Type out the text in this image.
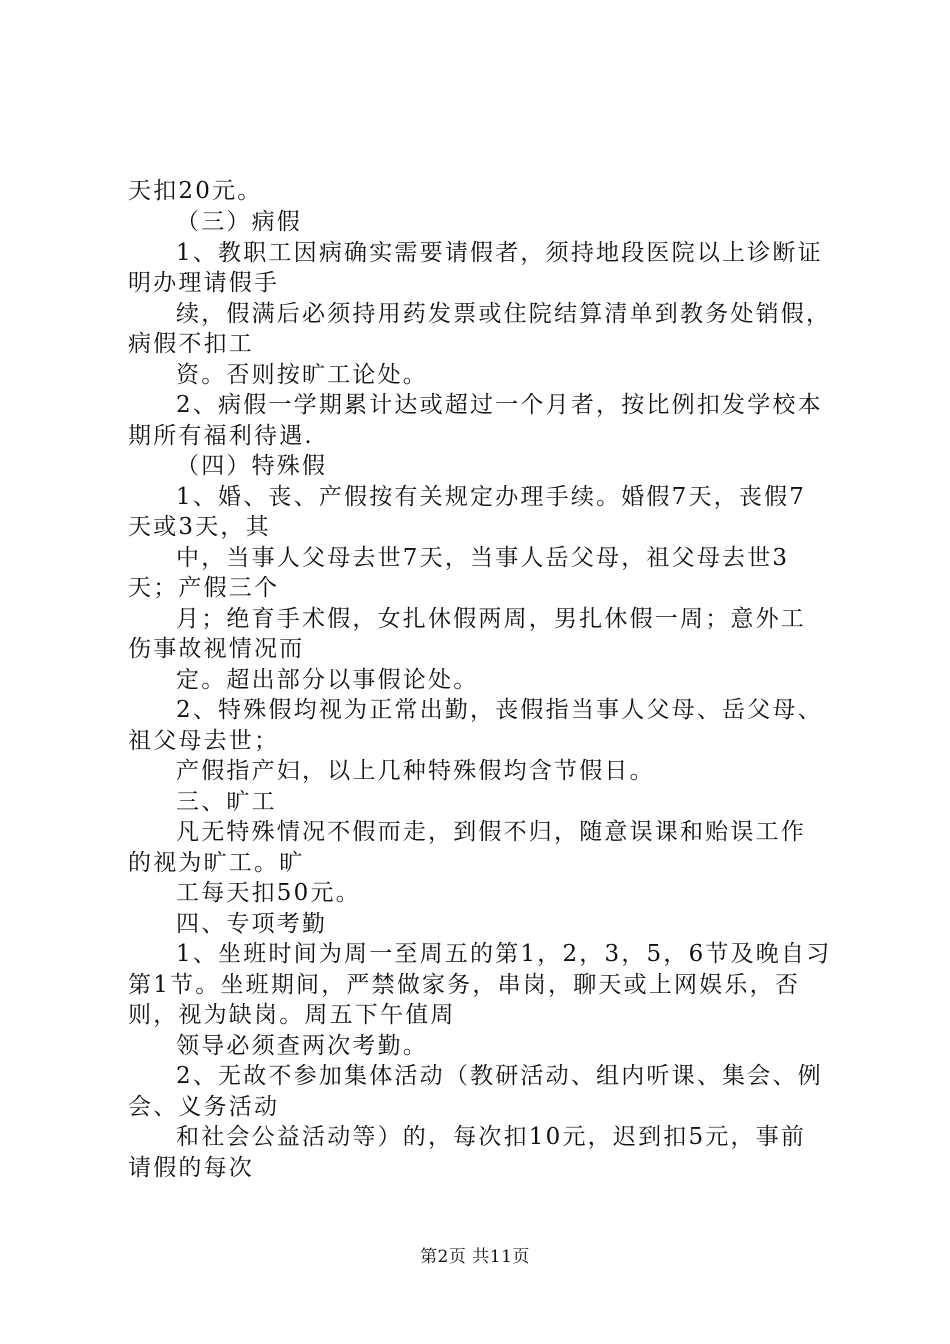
天扣20元。
（三）病假
1、教职工因病确实需要请假者，须持地段医院以上诊断证
明办理请假手
续，假满后必须持用药发票或住院结算清单到教务处销假，
病假不扣工
资。否则按旷工论处。
2、病假一学期累计达或超过一个月者，按比例扣发学校本
期所有福利待遇.
（四）特殊假
1、婚、丧、产假按有关规定办理手续。婚假7天，丧假7
天或3天，其
中，当事人父母去世7天，当事人岳父母，祖父母去世3
天；产假三个
月；绝育手术假，女扎休假两周，男扎休假一周；意外工
伤事故视情况而
定。超出部分以事假论处。
2、特殊假均视为正常出勤，丧假指当事人父母、岳父母、
祖父母去世；
产假指产妇，以上几种特殊假均含节假日。
三、旷工
凡无特殊情况不假而走，到假不归，随意误课和贻误工作
的视为旷工。旷
工每天扣50元。
四、专项考勤
1、坐班时间为周一至周五的第1，2，3，5，6节及晚自习
第1节。坐班期间，严禁做家务，串岗，聊天或上网娱乐，否
则，视为缺岗。周五下午值周
领导必须查两次考勤。
2、无故不参加集体活动（教研活动、组内听课、集会、例
会、义务活动
和社会公益活动等）的，每次扣10元，迟到扣5元，事前
请假的每次
第2页 共11页
